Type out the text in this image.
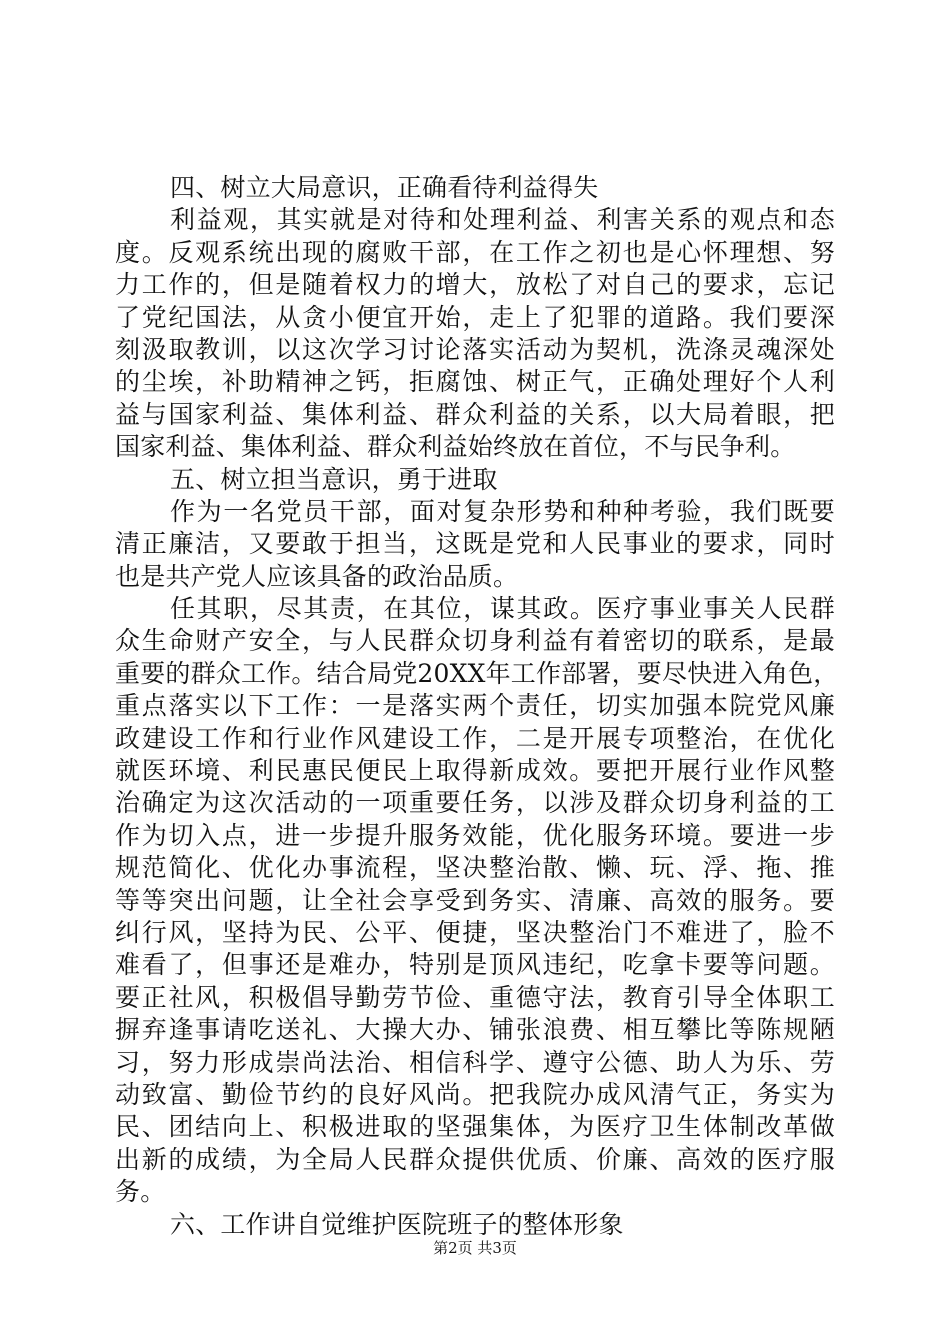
四、树立大局意识，正确看待利益得失
利益观，其实就是对待和处理利益、利害关系的观点和态
度。反观系统出现的腐败干部，在工作之初也是心怀理想、努
力工作的，但是随着权力的增大，放松了对自己的要求，忘记
了党纪国法，从贪小便宜开始，走上了犯罪的道路。我们要深
刻汲取教训，以这次学习讨论落实活动为契机，洗涤灵魂深处
的尘埃，补助精神之钙，拒腐蚀、树正气，正确处理好个人利
益与国家利益、集体利益、群众利益的关系，以大局着眼，把
国家利益、集体利益、群众利益始终放在首位，不与民争利。
五、树立担当意识，勇于进取
作为一名党员干部，面对复杂形势和种种考验，我们既要
清正廉洁，又要敢于担当，这既是党和人民事业的要求，同时
也是共产党人应该具备的政治品质。
任其职，尽其责，在其位，谋其政。医疗事业事关人民群
众生命财产安全，与人民群众切身利益有着密切的联系，是最
重要的群众工作。结合局党20XX年工作部署，要尽快进入角色，
重点落实以下工作：一是落实两个责任，切实加强本院党风廉
政建设工作和行业作风建设工作，二是开展专项整治，在优化
就医环境、利民惠民便民上取得新成效。要把开展行业作风整
治确定为这次活动的一项重要任务，以涉及群众切身利益的工
作为切入点，进一步提升服务效能，优化服务环境。要进一步
规范简化、优化办事流程，坚决整治散、懒、玩、浮、拖、推
等等突出问题，让全社会享受到务实、清廉、高效的服务。要
纠行风，坚持为民、公平、便捷，坚决整治门不难进了，脸不
难看了，但事还是难办，特别是顶风违纪，吃拿卡要等问题。
要正社风，积极倡导勤劳节俭、重德守法，教育引导全体职工
摒弃逢事请吃送礼、大操大办、铺张浪费、相互攀比等陈规陋
习，努力形成崇尚法治、相信科学、遵守公德、助人为乐、劳
动致富、勤俭节约的良好风尚。把我院办成风清气正，务实为
民、团结向上、积极进取的坚强集体，为医疗卫生体制改革做
出新的成绩，为全局人民群众提供优质、价廉、高效的医疗服
务。
六、工作讲自觉维护医院班子的整体形象
第2页 共3页
